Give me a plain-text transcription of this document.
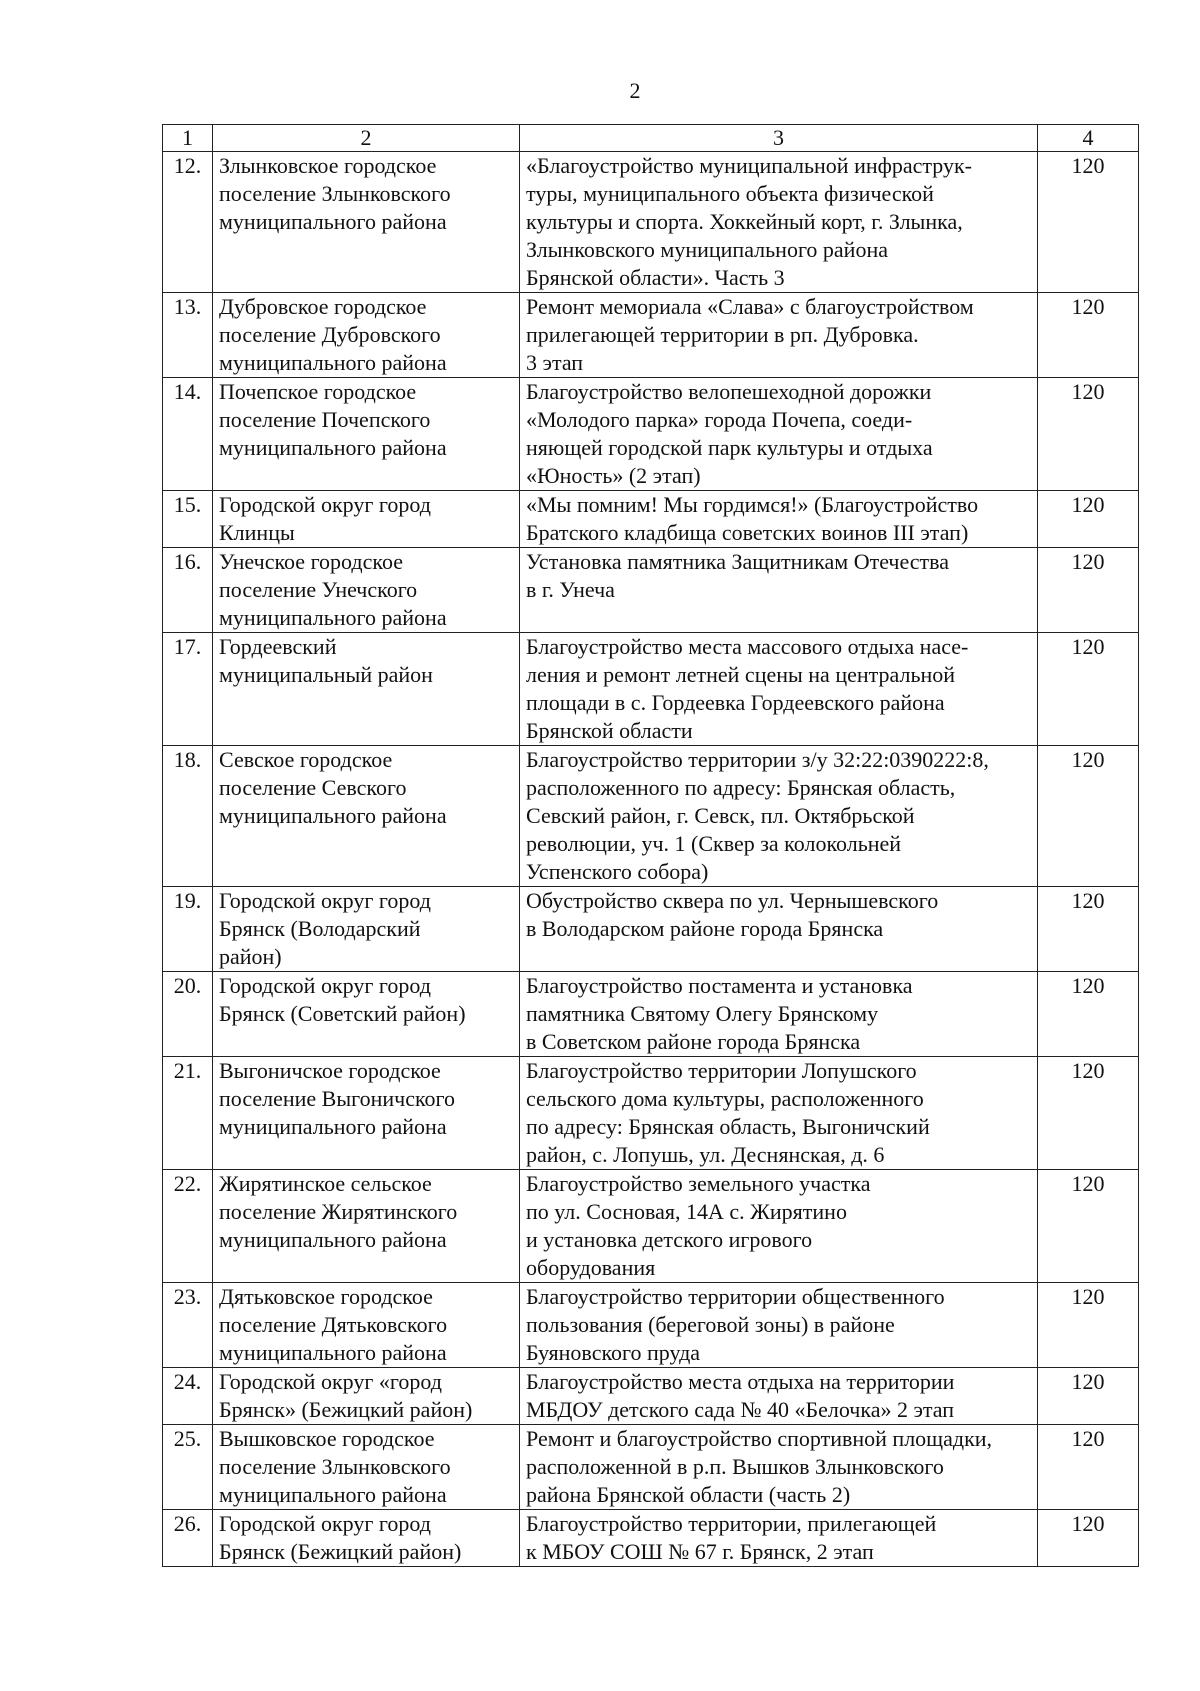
2
1	2	3	4
12.	Злынковское городское
поселение Злынковского
муниципального района	«Благоустройство муниципальной инфраструк-
туры, муниципального объекта физической
культуры и спорта. Хоккейный корт, г. Злынка,
Злынковского муниципального района
Брянской области». Часть 3	120
13.	Дубровское городское
поселение Дубровского
муниципального района	Ремонт мемориала «Слава» с благоустройством
прилегающей территории в рп. Дубровка.
3 этап	120
14.	Почепское городское
поселение Почепского
муниципального района	Благоустройство велопешеходной дорожки
«Молодого парка» города Почепа, соеди-
няющей городской парк культуры и отдыха
«Юность» (2 этап)	120
15.	Городской округ город
Клинцы	«Мы помним! Мы гордимся!» (Благоустройство
Братского кладбища советских воинов III этап)	120
16.	Унечское городское
поселение Унечского
муниципального района	Установка памятника Защитникам Отечества
в г. Унеча	120
17.	Гордеевский
муниципальный район	Благоустройство места массового отдыха насе-
ления и ремонт летней сцены на центральной
площади в с. Гордеевка Гордеевского района
Брянской области	120
18.	Севское городское
поселение Севского
муниципального района	Благоустройство территории з/у 32:22:0390222:8,
расположенного по адресу: Брянская область,
Севский район, г. Севск, пл. Октябрьской
революции, уч. 1 (Сквер за колокольней
Успенского собора)	120
19.	Городской округ город
Брянск (Володарский
район)	Обустройство сквера по ул. Чернышевского
в Володарском районе города Брянска	120
20.	Городской округ город
Брянск (Советский район)	Благоустройство постамента и установка
памятника Святому Олегу Брянскому
в Советском районе города Брянска	120
21.	Выгоничское городское
поселение Выгоничского
муниципального района	Благоустройство территории Лопушского
сельского дома культуры, расположенного
по адресу: Брянская область, Выгоничский
район, с. Лопушь, ул. Деснянская, д. 6	120
22.	Жирятинское сельское
поселение Жирятинского
муниципального района	Благоустройство земельного участка
по ул. Сосновая, 14А с. Жирятино
и установка детского игрового
оборудования	120
23.	Дятьковское городское
поселение Дятьковского
муниципального района	Благоустройство территории общественного
пользования (береговой зоны) в районе
Буяновского пруда	120
24.	Городской округ «город
Брянск» (Бежицкий район)	Благоустройство места отдыха на территории
МБДОУ детского сада № 40 «Белочка» 2 этап	120
25.	Вышковское городское
поселение Злынковского
муниципального района	Ремонт и благоустройство спортивной площадки,
расположенной в р.п. Вышков Злынковского
района Брянской области (часть 2)	120
26.	Городской округ город
Брянск (Бежицкий район)	Благоустройство территории, прилегающей
к МБОУ СОШ № 67 г. Брянск, 2 этап	120
